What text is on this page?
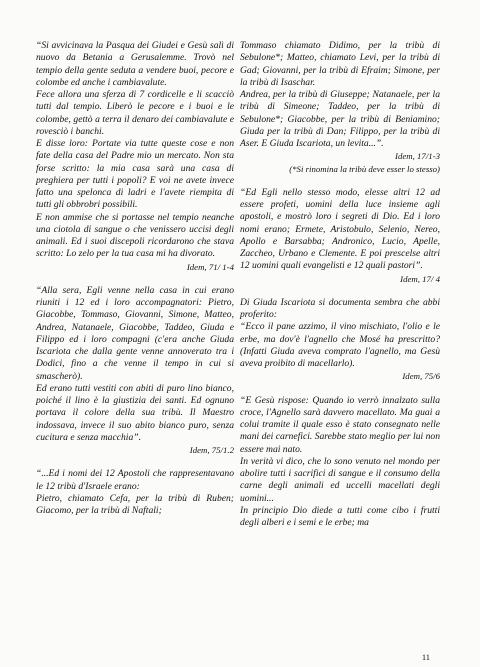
“Si avvicinava la Pasqua dei Giudei e Gesù salì di nuovo da Betania a Gerusalemme. Trovò nel tempio della gente seduta a vendere buoi, pecore e colombe ed anche i cambiavalute.

Fece allora una sferza di 7 cordicelle e li scacciò tutti dal tempio. Liberò le pecore e i buoi e le colombe, gettò a terra il denaro dei cambiavalute e rovesciò i banchi.

E disse loro: Portate via tutte queste cose e non fate della casa del Padre mio un mercato. Non sta forse scritto: la mia casa sarà una casa di preghiera per tutti i popoli? E voi ne avete invece fatto una spelonca di ladri e l'avete riempita di tutti gli obbrobri possibili.

E non ammise che si portasse nel tempio neanche una ciotola di sangue o che venissero uccisi degli animali. Ed i suoi discepoli ricordarono che stava scritto: Lo zelo per la tua casa mi ha divorato.

Idem, 71/ 1-4

“Alla sera, Egli venne nella casa in cui erano riuniti i 12 ed i loro accompagnatori: Pietro, Giacobbe, Tommaso, Giovanni, Simone, Matteo, Andrea, Natanaele, Giacobbe, Taddeo, Giuda e Filippo ed i loro compagni (c'era anche Giuda Iscariota che dalla gente venne annoverato tra i Dodici, fino a che venne il tempo in cui si smascherò).

Ed erano tutti vestiti con abiti di puro lino bianco, poiché il lino è la giustizia dei santi. Ed ognuno portava il colore della sua tribù. Il Maestro indossava, invece il suo abito bianco puro, senza cucitura e senza macchia”.

Idem, 75/1.2

“...Ed i nomi dei 12 Apostoli che rappresentavano le 12 tribù d'Israele erano:

Pietro, chiamato Cefa, per la tribù di Ruben; Giacomo, per la tribù di Naftali;

Tommaso chiamato Didimo, per la tribù di Sebulone*; Matteo, chiamato Levi, per la tribù di Gad; Giovanni, per la tribù di Efraim; Simone, per la tribù di Isaschar.

Andrea, per la tribù di Giuseppe; Natanaele, per la tribù di Simeone; Taddeo, per la tribù di Sebulone*; Giacobbe, per la tribù di Beniamino; Giuda per la tribù di Dan; Filippo, per la tribù di Aser. E Giuda Iscariota, un levita...”.

Idem, 17/1-3

(*Si rinomina la tribù deve esser lo stesso)

“Ed Egli nello stesso modo, elesse altri 12 ad essere profeti, uomini della luce insieme agli apostoli, e mostrò loro i segreti di Dio. Ed i loro nomi erano; Ermete, Aristobulo, Selenio, Nereo, Apollo e Barsabba; Andronico, Lucio, Apelle, Zaccheo, Urbano e Clemente. E poi prescelse altri 12 uomini quali evangelisti e 12 quali pastori”.

Idem, 17/ 4

Di Giuda Iscariota si documenta sembra che abbi proferito:

“Ecco il pane azzimo, il vino mischiato, l'olio e le erbe, ma dov'è l'agnello che Mosé ha prescritto? (Infatti Giuda aveva comprato l'agnello, ma Gesù aveva proibito di macellarlo).

Idem, 75/6

“E Gesù rispose: Quando io verrò innalzato sulla croce, l'Agnello sarà davvero macellato. Ma guai a colui tramite il quale esso è stato consegnato nelle mani dei carnefici. Sarebbe stato meglio per lui non essere mai nato.

In verità vi dico, che lo sono venuto nel mondo per abolire tutti i sacrifici di sangue e il consumo della carne degli animali ed uccelli macellati degli uomini...

In principio Dio diede a tutti come cibo i frutti degli alberi e i semi e le erbe; ma

11
